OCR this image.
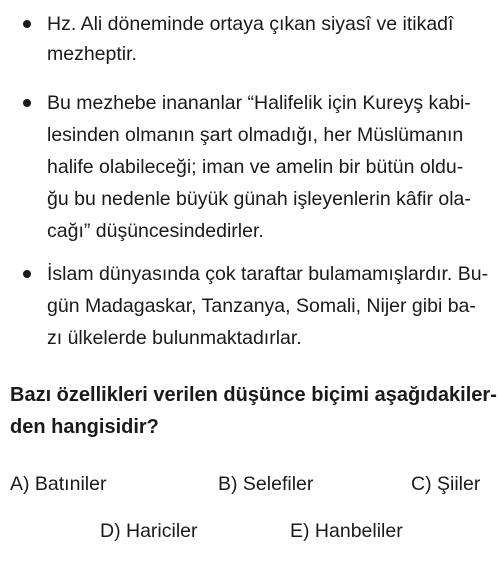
Hz. Ali döneminde ortaya çıkan siyasî ve itikadî
mezheptir.
Bu mezhebe inananlar “Halifelik için Kureyş kabi-
lesinden olmanın şart olmadığı, her Müslümanın
halife olabileceği; iman ve amelin bir bütün oldu-
ğu bu nedenle büyük günah işleyenlerin kâfir ola-
cağı” düşüncesindedirler.
İslam dünyasında çok taraftar bulamamışlardır. Bu-
gün Madagaskar, Tanzanya, Somali, Nijer gibi ba-
zı ülkelerde bulunmaktadırlar.
Bazı özellikleri verilen düşünce biçimi aşağıdakiler-
den hangisidir?
A) Batıniler	B) Selefiler	C) Şiiler
D) Hariciler	E) Hanbeliler
